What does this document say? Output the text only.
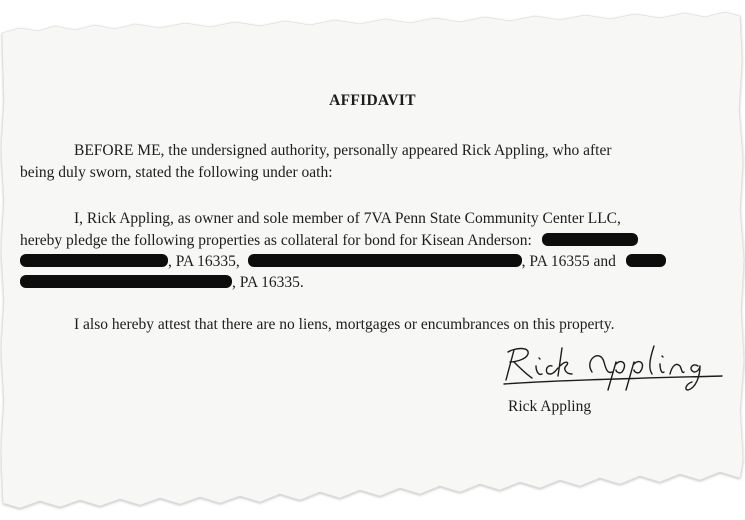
AFFIDAVIT
BEFORE ME, the undersigned authority, personally appeared Rick Appling, who after
being duly sworn, stated the following under oath:
I, Rick Appling, as owner and sole member of 7VA Penn State Community Center LLC,
hereby pledge the following properties as collateral for bond for Kisean Anderson:
, PA 16335,	, PA 16355 and
, PA 16335.
I also hereby attest that there are no liens, mortgages or encumbrances on this property.
Rick Appling
